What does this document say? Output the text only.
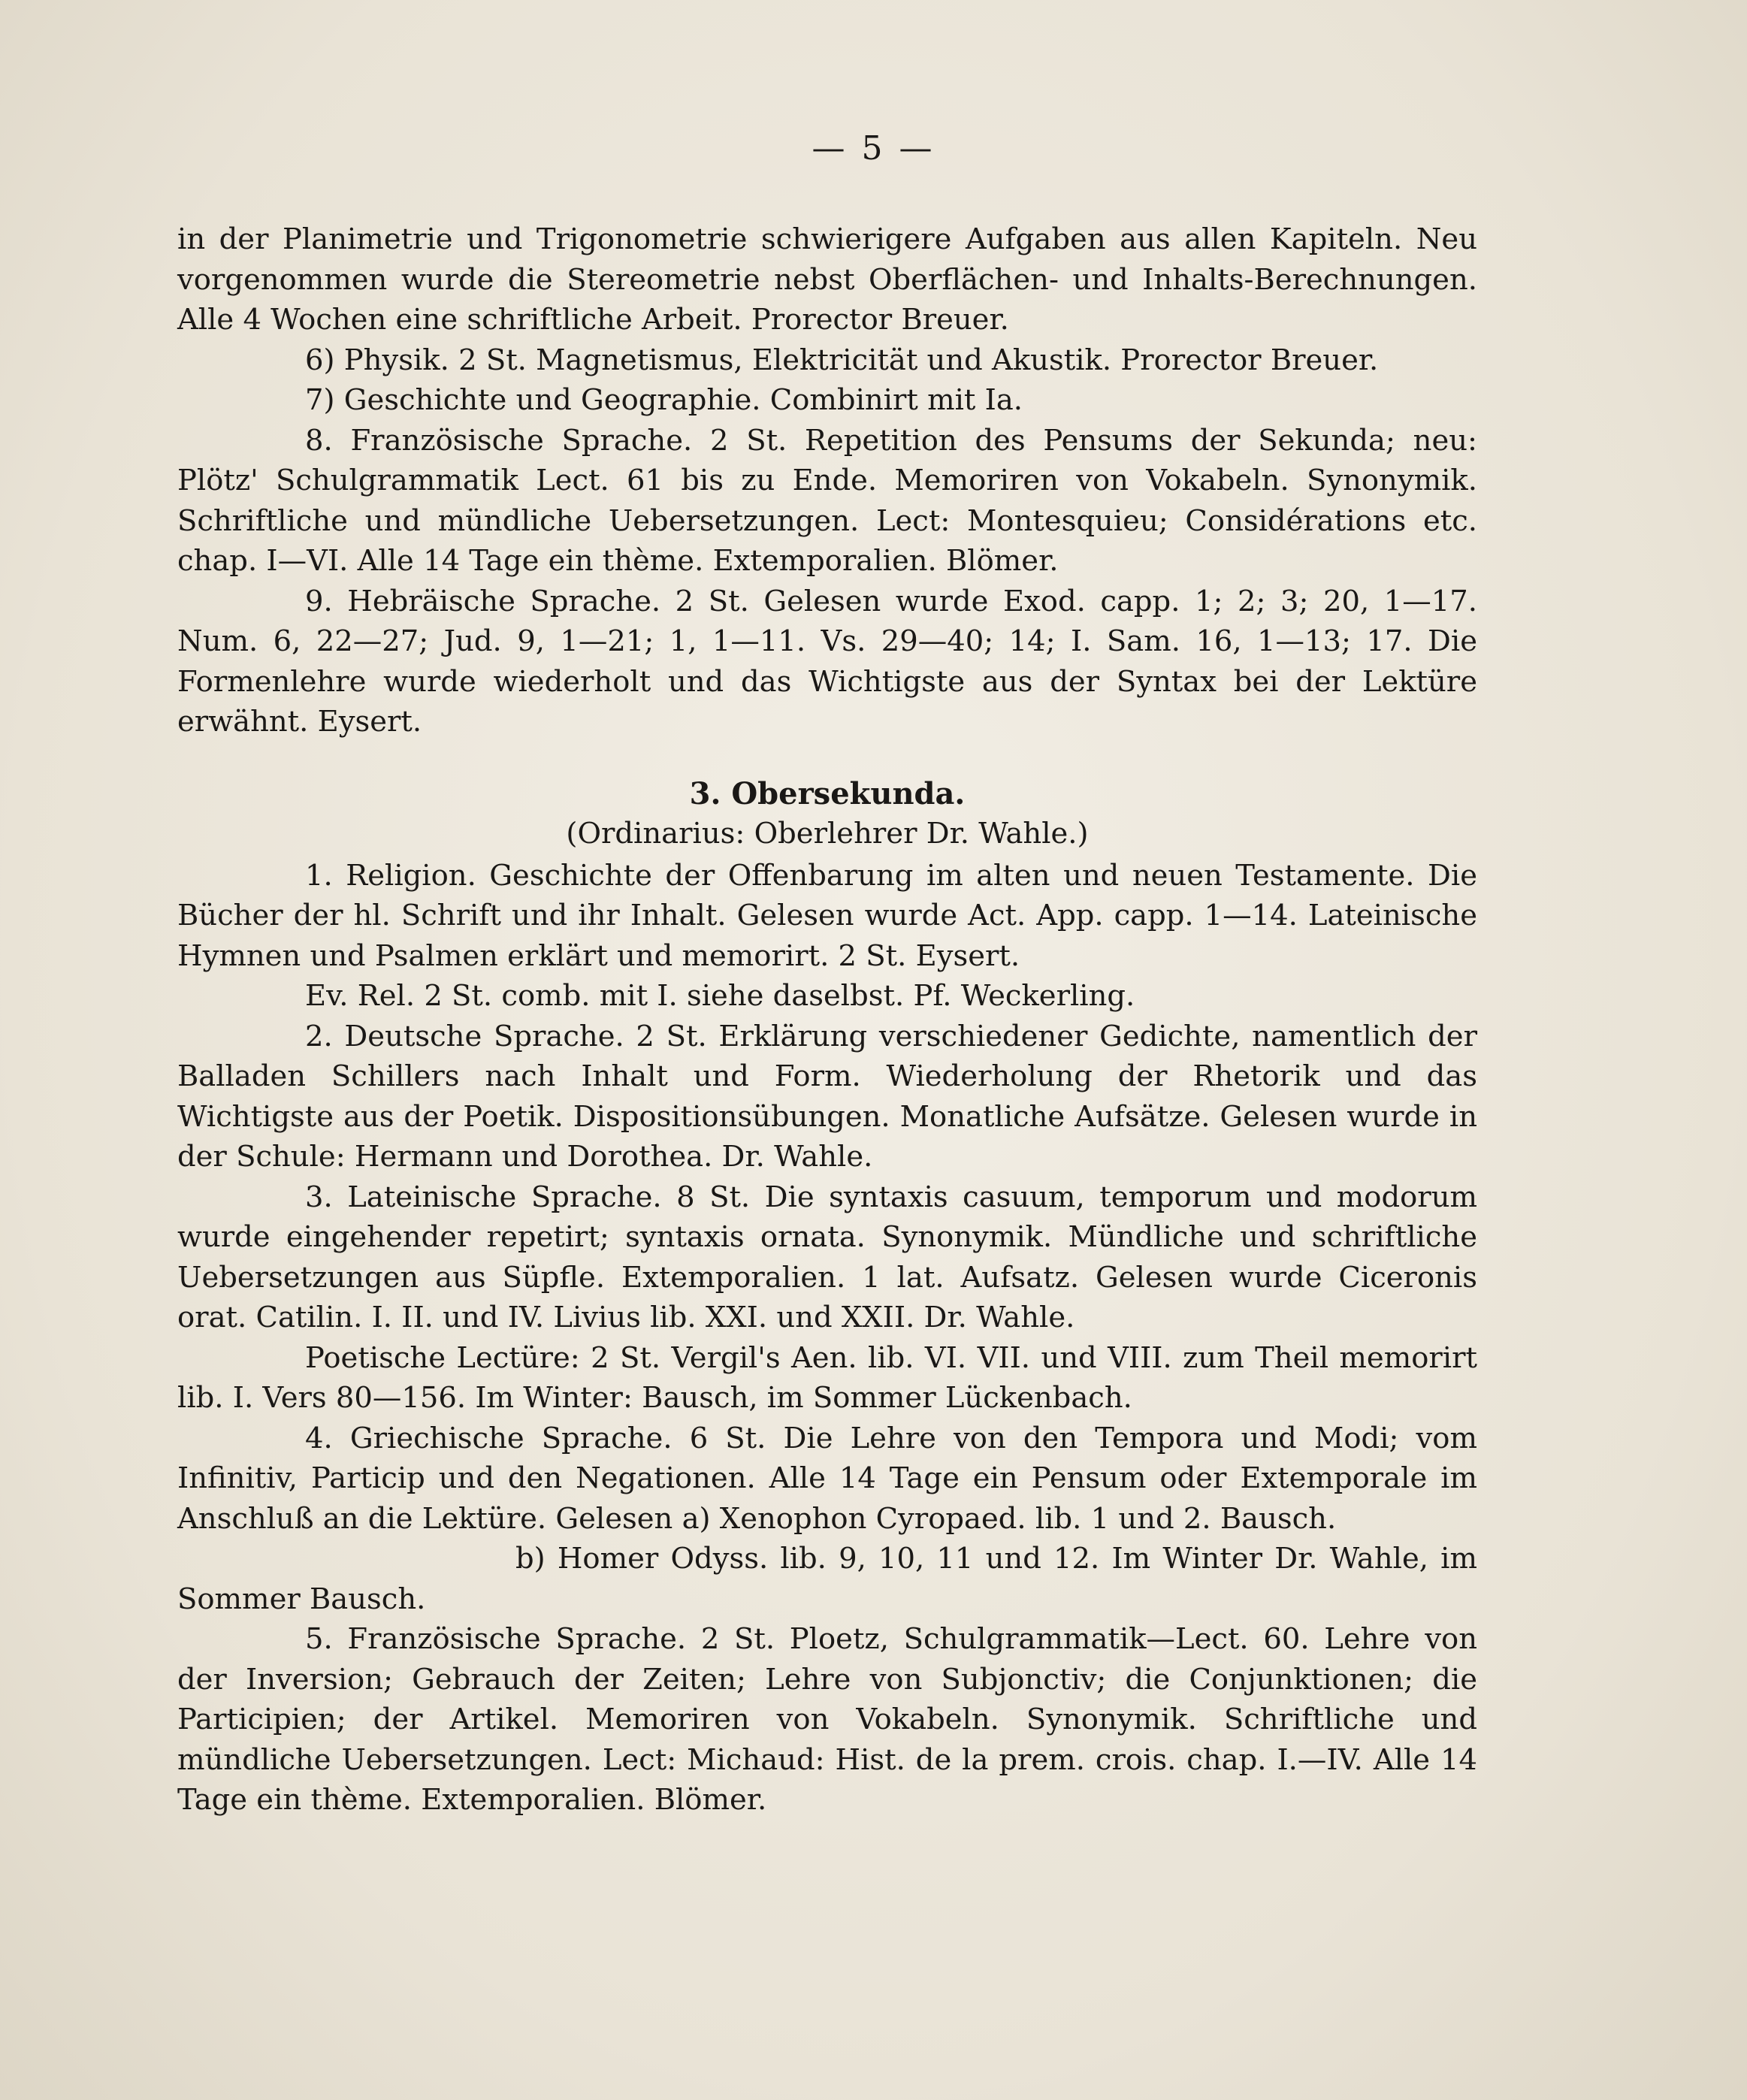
— 5 —

in der Planimetrie und Trigonometrie schwierigere Aufgaben aus allen Kapiteln. Neu vorgenommen wurde die Stereometrie nebst Oberflächen- und Inhalts-Berechnungen. Alle 4 Wochen eine schriftliche Arbeit. Prorector Breuer.

6) Physik. 2 St. Magnetismus, Elektricität und Akustik. Prorector Breuer.

7) Geschichte und Geographie. Combinirt mit Ia.

8. Französische Sprache. 2 St. Repetition des Pensums der Sekunda; neu: Plötz' Schulgrammatik Lect. 61 bis zu Ende. Memoriren von Vokabeln. Synonymik. Schriftliche und mündliche Uebersetzungen. Lect: Montesquieu; Considérations etc. chap. I—VI. Alle 14 Tage ein thème. Extemporalien. Blömer.

9. Hebräische Sprache. 2 St. Gelesen wurde Exod. capp. 1; 2; 3; 20, 1—17. Num. 6, 22—27; Jud. 9, 1—21; 1, 1—11. Vs. 29—40; 14; I. Sam. 16, 1—13; 17. Die Formenlehre wurde wiederholt und das Wichtigste aus der Syntax bei der Lektüre erwähnt. Eysert.

3. Obersekunda.

(Ordinarius: Oberlehrer Dr. Wahle.)

1. Religion. Geschichte der Offenbarung im alten und neuen Testamente. Die Bücher der hl. Schrift und ihr Inhalt. Gelesen wurde Act. App. capp. 1—14. Lateinische Hymnen und Psalmen erklärt und memorirt. 2 St. Eysert.

Ev. Rel. 2 St. comb. mit I. siehe daselbst. Pf. Weckerling.

2. Deutsche Sprache. 2 St. Erklärung verschiedener Gedichte, namentlich der Balladen Schillers nach Inhalt und Form. Wiederholung der Rhetorik und das Wichtigste aus der Poetik. Dispositionsübungen. Monatliche Aufsätze. Gelesen wurde in der Schule: Hermann und Dorothea. Dr. Wahle.

3. Lateinische Sprache. 8 St. Die syntaxis casuum, temporum und modorum wurde eingehender repetirt; syntaxis ornata. Synonymik. Mündliche und schriftliche Uebersetzungen aus Süpfle. Extemporalien. 1 lat. Aufsatz. Gelesen wurde Ciceronis orat. Catilin. I. II. und IV. Livius lib. XXI. und XXII. Dr. Wahle.

Poetische Lectüre: 2 St. Vergil's Aen. lib. VI. VII. und VIII. zum Theil memorirt lib. I. Vers 80—156. Im Winter: Bausch, im Sommer Lückenbach.

4. Griechische Sprache. 6 St. Die Lehre von den Tempora und Modi; vom Infinitiv, Particip und den Negationen. Alle 14 Tage ein Pensum oder Extemporale im Anschluß an die Lektüre. Gelesen a) Xenophon Cyropaed. lib. 1 und 2. Bausch.

b) Homer Odyss. lib. 9, 10, 11 und 12. Im Winter Dr. Wahle, im Sommer Bausch.

5. Französische Sprache. 2 St. Ploetz, Schulgrammatik—Lect. 60. Lehre von der Inversion; Gebrauch der Zeiten; Lehre von Subjonctiv; die Conjunktionen; die Participien; der Artikel. Memoriren von Vokabeln. Synonymik. Schriftliche und mündliche Uebersetzungen. Lect: Michaud: Hist. de la prem. crois. chap. I.—IV. Alle 14 Tage ein thème. Extemporalien. Blömer.
